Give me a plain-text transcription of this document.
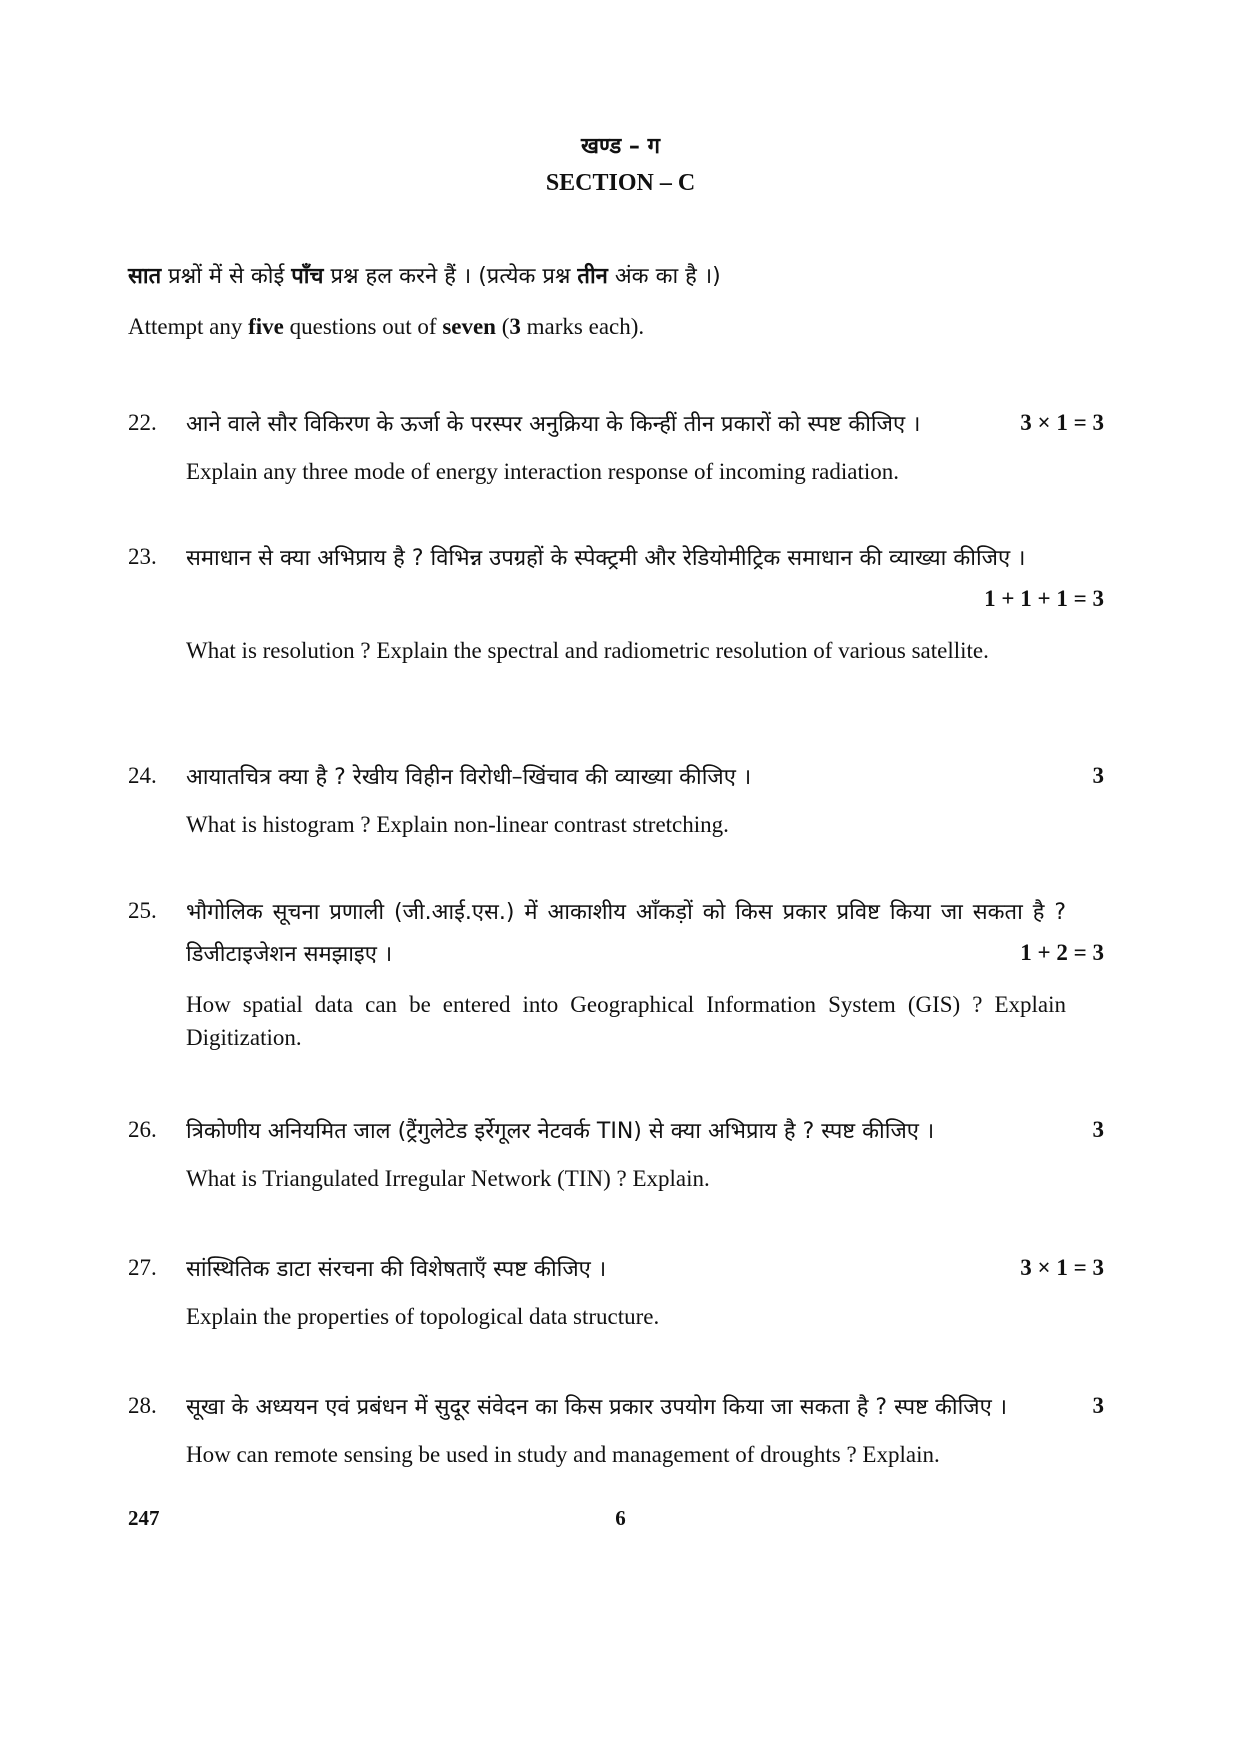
खण्ड – ग
SECTION – C
सात प्रश्नों में से कोई पाँच प्रश्न हल करने हैं । (प्रत्येक प्रश्न तीन अंक का है ।)
Attempt any five questions out of seven (3 marks each).
22. आने वाले सौर विकिरण के ऊर्जा के परस्पर अनुक्रिया के किन्हीं तीन प्रकारों को स्पष्ट कीजिए ।	3 × 1 = 3
Explain any three mode of energy interaction response of incoming radiation.
23. समाधान से क्या अभिप्राय है ? विभिन्न उपग्रहों के स्पेक्ट्रमी और रेडियोमीट्रिक समाधान की व्याख्या कीजिए ।
1 + 1 + 1 = 3
What is resolution ? Explain the spectral and radiometric resolution of various satellite.
24. आयातचित्र क्या है ? रेखीय विहीन विरोधी–खिंचाव की व्याख्या कीजिए ।	3
What is histogram ? Explain non-linear contrast stretching.
25. भौगोलिक सूचना प्रणाली (जी.आई.एस.) में आकाशीय आँकड़ों को किस प्रकार प्रविष्ट किया जा सकता है ? डिजीटाइजेशन समझाइए ।	1 + 2 = 3
How spatial data can be entered into Geographical Information System (GIS) ? Explain Digitization.
26. त्रिकोणीय अनियमित जाल (ट्रैंगुलेटेड इर्रेगूलर नेटवर्क TIN) से क्या अभिप्राय है ? स्पष्ट कीजिए ।	3
What is Triangulated Irregular Network (TIN) ? Explain.
27. सांस्थितिक डाटा संरचना की विशेषताएँ स्पष्ट कीजिए ।	3 × 1 = 3
Explain the properties of topological data structure.
28. सूखा के अध्ययन एवं प्रबंधन में सुदूर संवेदन का किस प्रकार उपयोग किया जा सकता है ? स्पष्ट कीजिए ।	3
How can remote sensing be used in study and management of droughts ? Explain.
247	6
